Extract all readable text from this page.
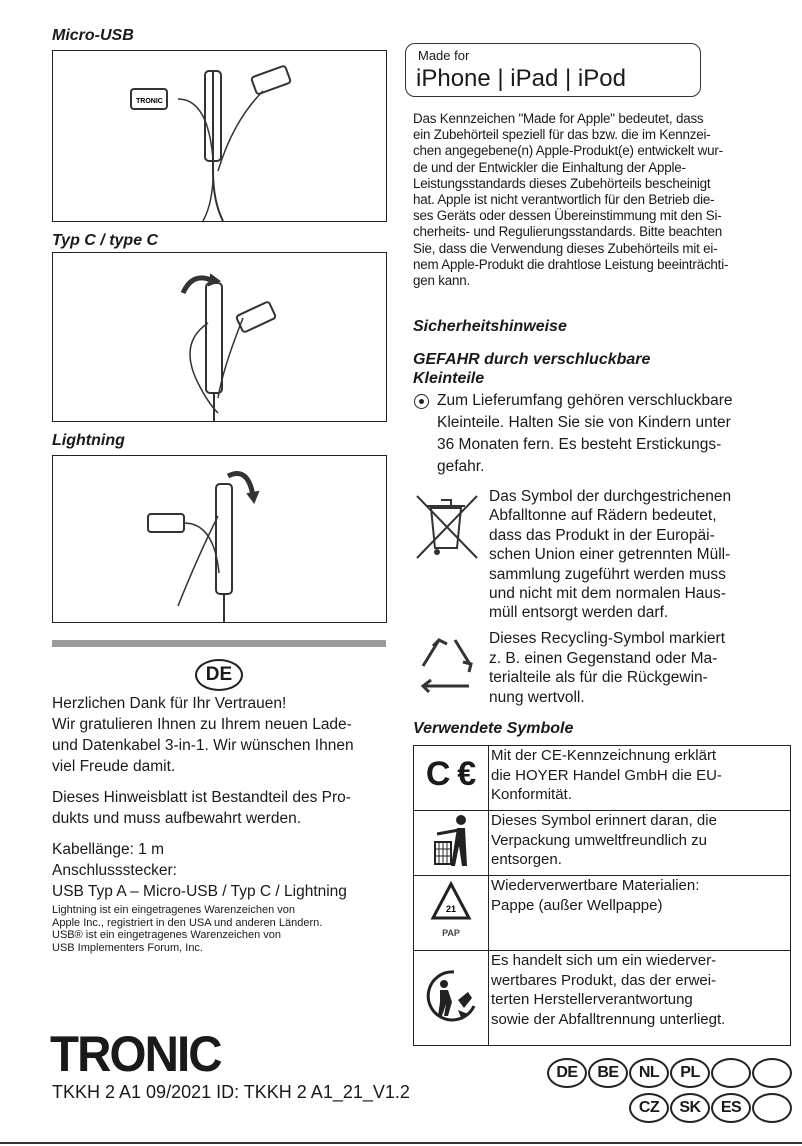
Micro-USB
TRONIC
Typ C / type C
Lightning
DE
Herzlichen Dank für Ihr Vertrauen!
Wir gratulieren Ihnen zu Ihrem neuen Lade-
und Datenkabel 3-in-1. Wir wünschen Ihnen
viel Freude damit.
Dieses Hinweisblatt ist Bestandteil des Pro-
dukts und muss aufbewahrt werden.
Kabellänge: 1 m
Anschlussstecker:
USB Typ A – Micro-USB / Typ C / Lightning
Lightning ist ein eingetragenes Warenzeichen von
Apple Inc., registriert in den USA und anderen Ländern.
USB® ist ein eingetragenes Warenzeichen von
USB Implementers Forum, Inc.
Made for
iPhone | iPad | iPod
Das Kennzeichen "Made for Apple" bedeutet, dass
ein Zubehörteil speziell für das bzw. die im Kennzei-
chen angegebene(n) Apple-Produkt(e) entwickelt wur-
de und der Entwickler die Einhaltung der Apple-
Leistungsstandards dieses Zubehörteils bescheinigt
hat. Apple ist nicht verantwortlich für den Betrieb die-
ses Geräts oder dessen Übereinstimmung mit den Si-
cherheits- und Regulierungsstandards. Bitte beachten
Sie, dass die Verwendung dieses Zubehörteils mit ei-
nem Apple-Produkt die drahtlose Leistung beeinträchti-
gen kann.
Sicherheitshinweise
GEFAHR durch verschluckbare
Kleinteile
Zum Lieferumfang gehören verschluckbare
Kleinteile. Halten Sie sie von Kindern unter
36 Monaten fern. Es besteht Erstickungs-
gefahr.
Das Symbol der durchgestrichenen
Abfalltonne auf Rädern bedeutet,
dass das Produkt in der Europäi-
schen Union einer getrennten Müll-
sammlung zugeführt werden muss
und nicht mit dem normalen Haus-
müll entsorgt werden darf.
Dieses Recycling-Symbol markiert
z. B. einen Gegenstand oder Ma-
terialteile als für die Rückgewin-
nung wertvoll.
Verwendete Symbole
C €	Mit der CE-Kennzeichnung erklärt
die HOYER Handel GmbH die EU-
Konformität.

Dieses Symbol erinnert daran, die
Verpackung umweltfreundlich zu
entsorgen.

21
PAP	Wiederverwertbare Materialien:
Pappe (außer Wellpappe)

Es handelt sich um ein wiederver-
wertbares Produkt, das der erwei-
terten Herstellerverantwortung
sowie der Abfalltrennung unterliegt.
TRONIC
TKKH 2 A1 09/2021 ID: TKKH 2 A1_21_V1.2
DE	BE	NL	PL
CZ	SK	ES
